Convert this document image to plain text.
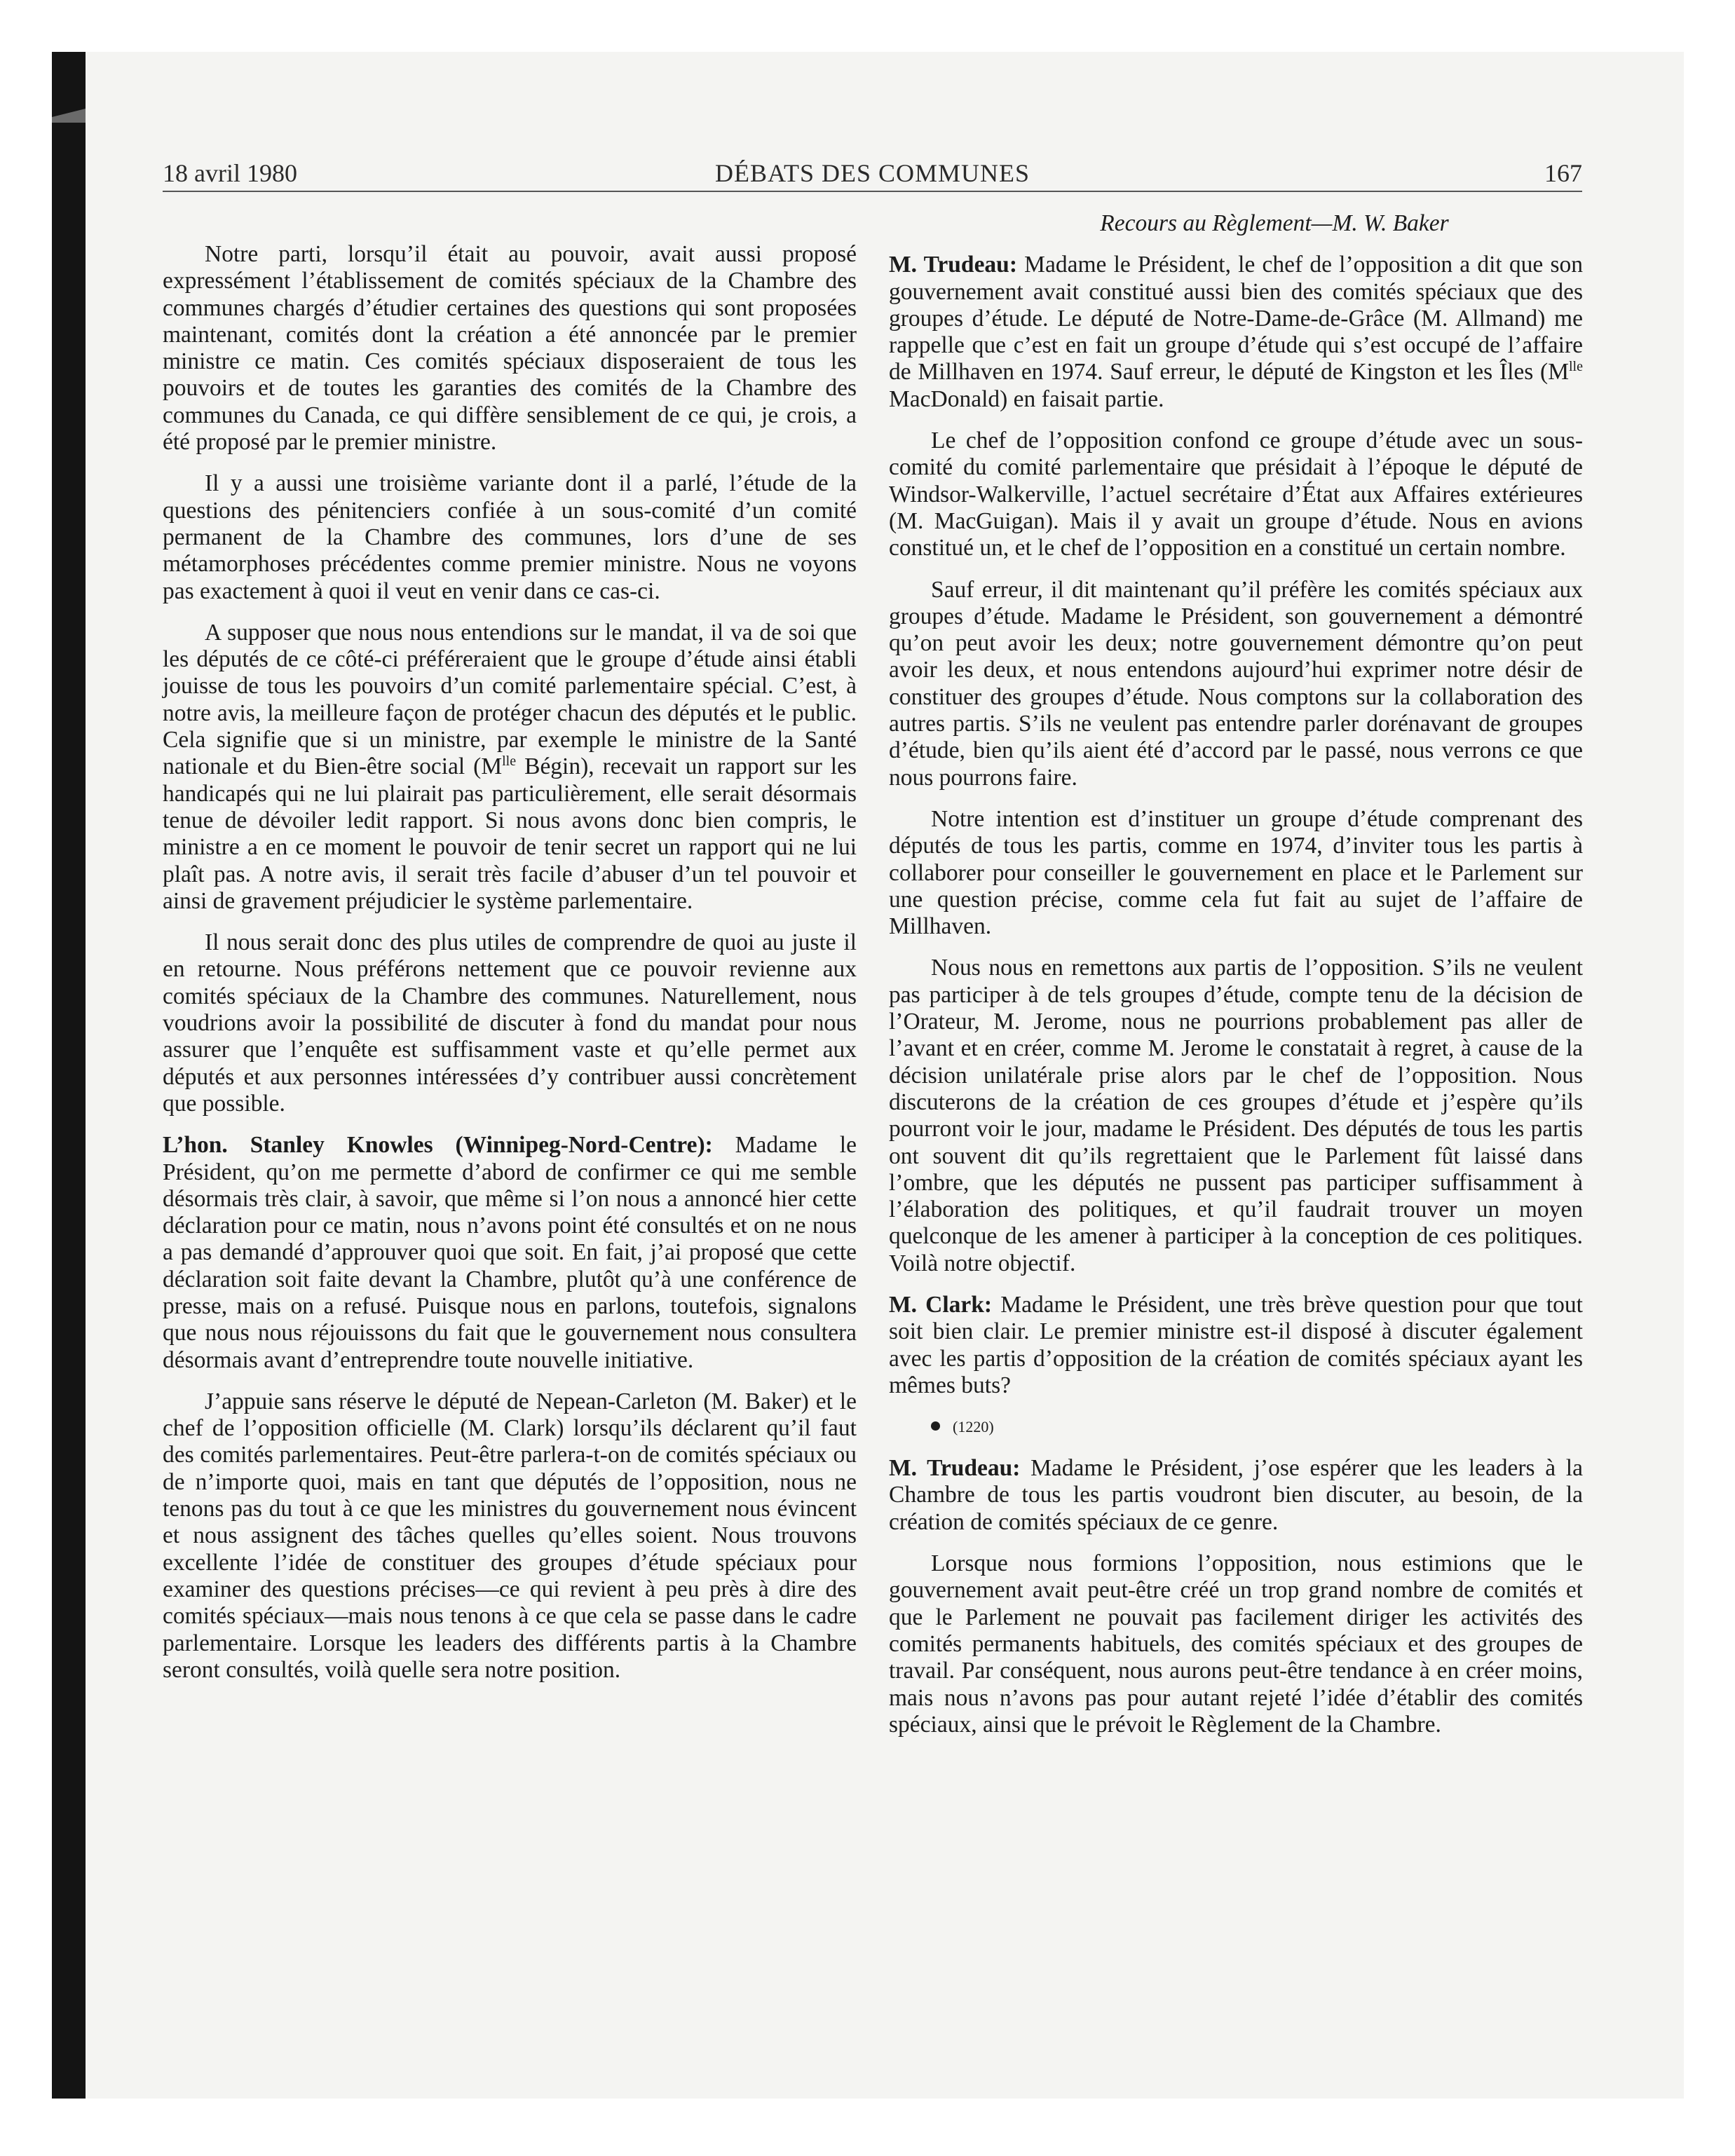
18 avril 1980	DÉBATS DES COMMUNES	167

Notre parti, lorsqu’il était au pouvoir, avait aussi proposé expressément l’établissement de comités spéciaux de la Chambre des communes chargés d’étudier certaines des questions qui sont proposées maintenant, comités dont la création a été annoncée par le premier ministre ce matin. Ces comités spéciaux disposeraient de tous les pouvoirs et de toutes les garanties des comités de la Chambre des communes du Canada, ce qui diffère sensiblement de ce qui, je crois, a été proposé par le premier ministre.

Il y a aussi une troisième variante dont il a parlé, l’étude de la questions des pénitenciers confiée à un sous-comité d’un comité permanent de la Chambre des communes, lors d’une de ses métamorphoses précédentes comme premier ministre. Nous ne voyons pas exactement à quoi il veut en venir dans ce cas-ci.

A supposer que nous nous entendions sur le mandat, il va de soi que les députés de ce côté-ci préféreraient que le groupe d’étude ainsi établi jouisse de tous les pouvoirs d’un comité parlementaire spécial. C’est, à notre avis, la meilleure façon de protéger chacun des députés et le public. Cela signifie que si un ministre, par exemple le ministre de la Santé nationale et du Bien-être social ($M^{lle}$ Bégin), recevait un rapport sur les handicapés qui ne lui plairait pas particulièrement, elle serait désormais tenue de dévoiler ledit rapport. Si nous avons donc bien compris, le ministre a en ce moment le pouvoir de tenir secret un rapport qui ne lui plaît pas. A notre avis, il serait très facile d’abuser d’un tel pouvoir et ainsi de gravement préjudicier le système parlementaire.

Il nous serait donc des plus utiles de comprendre de quoi au juste il en retourne. Nous préférons nettement que ce pouvoir revienne aux comités spéciaux de la Chambre des communes. Naturellement, nous voudrions avoir la possibilité de discuter à fond du mandat pour nous assurer que l’enquête est suffisamment vaste et qu’elle permet aux députés et aux personnes intéressées d’y contribuer aussi concrètement que possible.

L’hon. Stanley Knowles (Winnipeg-Nord-Centre): Madame le Président, qu’on me permette d’abord de confirmer ce qui me semble désormais très clair, à savoir, que même si l’on nous a annoncé hier cette déclaration pour ce matin, nous n’avons point été consultés et on ne nous a pas demandé d’approuver quoi que soit. En fait, j’ai proposé que cette déclaration soit faite devant la Chambre, plutôt qu’à une conférence de presse, mais on a refusé. Puisque nous en parlons, toutefois, signalons que nous nous réjouissons du fait que le gouvernement nous consultera désormais avant d’entreprendre toute nouvelle initiative.

J’appuie sans réserve le député de Nepean-Carleton (M. Baker) et le chef de l’opposition officielle (M. Clark) lorsqu’ils déclarent qu’il faut des comités parlementaires. Peut-être parlera-t-on de comités spéciaux ou de n’importe quoi, mais en tant que députés de l’opposition, nous ne tenons pas du tout à ce que les ministres du gouvernement nous évincent et nous assignent des tâches quelles qu’elles soient. Nous trouvons excellente l’idée de constituer des groupes d’étude spéciaux pour examiner des questions précises—ce qui revient à peu près à dire des comités spéciaux—mais nous tenons à ce que cela se passe dans le cadre parlementaire. Lorsque les leaders des différents partis à la Chambre seront consultés, voilà quelle sera notre position.

Recours au Règlement—M. W. Baker

M. Trudeau: Madame le Président, le chef de l’opposition a dit que son gouvernement avait constitué aussi bien des comités spéciaux que des groupes d’étude. Le député de Notre-Dame-de-Grâce (M. Allmand) me rappelle que c’est en fait un groupe d’étude qui s’est occupé de l’affaire de Millhaven en 1974. Sauf erreur, le député de Kingston et les Îles ($M^{lle}$ MacDonald) en faisait partie.

Le chef de l’opposition confond ce groupe d’étude avec un sous-comité du comité parlementaire que présidait à l’époque le député de Windsor-Walkerville, l’actuel secrétaire d’État aux Affaires extérieures (M. MacGuigan). Mais il y avait un groupe d’étude. Nous en avions constitué un, et le chef de l’opposition en a constitué un certain nombre.

Sauf erreur, il dit maintenant qu’il préfère les comités spéciaux aux groupes d’étude. Madame le Président, son gouvernement a démontré qu’on peut avoir les deux; notre gouvernement démontre qu’on peut avoir les deux, et nous entendons aujourd’hui exprimer notre désir de constituer des groupes d’étude. Nous comptons sur la collaboration des autres partis. S’ils ne veulent pas entendre parler dorénavant de groupes d’étude, bien qu’ils aient été d’accord par le passé, nous verrons ce que nous pourrons faire.

Notre intention est d’instituer un groupe d’étude comprenant des députés de tous les partis, comme en 1974, d’inviter tous les partis à collaborer pour conseiller le gouvernement en place et le Parlement sur une question précise, comme cela fut fait au sujet de l’affaire de Millhaven.

Nous nous en remettons aux partis de l’opposition. S’ils ne veulent pas participer à de tels groupes d’étude, compte tenu de la décision de l’Orateur, M. Jerome, nous ne pourrions probablement pas aller de l’avant et en créer, comme M. Jerome le constatait à regret, à cause de la décision unilatérale prise alors par le chef de l’opposition. Nous discuterons de la création de ces groupes d’étude et j’espère qu’ils pourront voir le jour, madame le Président. Des députés de tous les partis ont souvent dit qu’ils regrettaient que le Parlement fût laissé dans l’ombre, que les députés ne pussent pas participer suffisamment à l’élaboration des politiques, et qu’il faudrait trouver un moyen quelconque de les amener à participer à la conception de ces politiques. Voilà notre objectif.

M. Clark: Madame le Président, une très brève question pour que tout soit bien clair. Le premier ministre est-il disposé à discuter également avec les partis d’opposition de la création de comités spéciaux ayant les mêmes buts?

(1220)

M. Trudeau: Madame le Président, j’ose espérer que les leaders à la Chambre de tous les partis voudront bien discuter, au besoin, de la création de comités spéciaux de ce genre.

Lorsque nous formions l’opposition, nous estimions que le gouvernement avait peut-être créé un trop grand nombre de comités et que le Parlement ne pouvait pas facilement diriger les activités des comités permanents habituels, des comités spéciaux et des groupes de travail. Par conséquent, nous aurons peut-être tendance à en créer moins, mais nous n’avons pas pour autant rejeté l’idée d’établir des comités spéciaux, ainsi que le prévoit le Règlement de la Chambre.
